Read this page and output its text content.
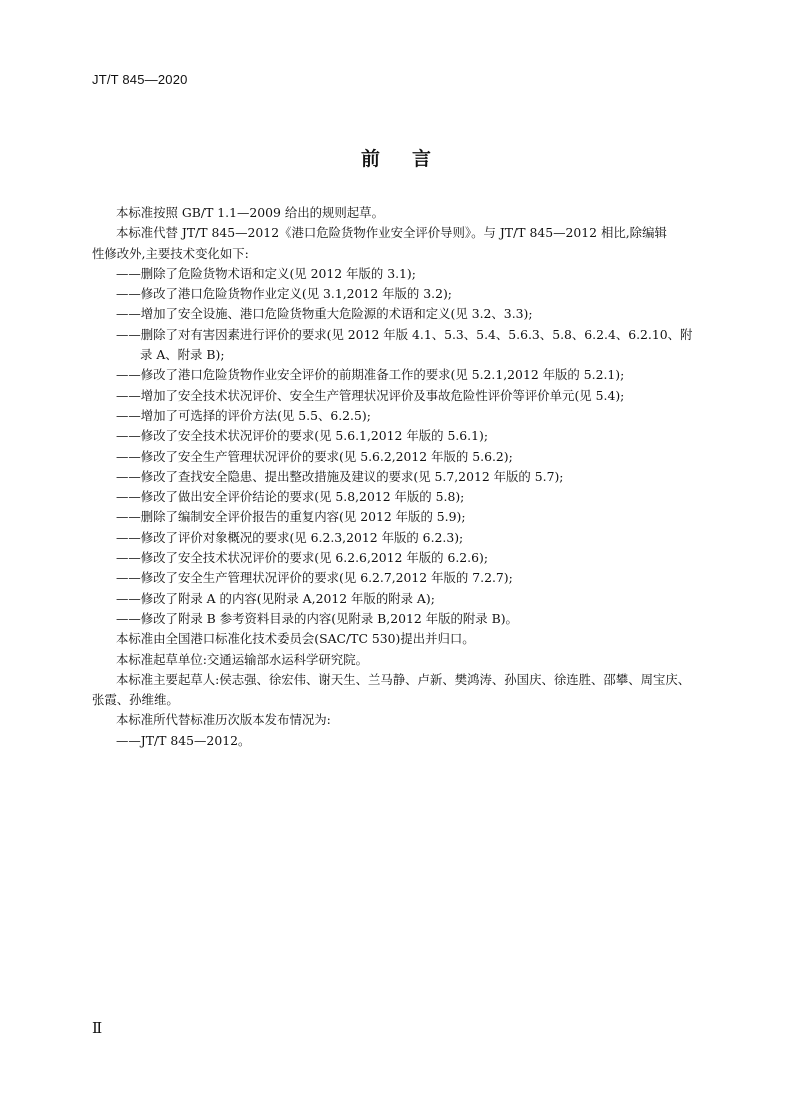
JT/T 845—2020
前言
本标准按照 GB/T 1.1—2009 给出的规则起草。
本标准代替 JT/T 845—2012《港口危险货物作业安全评价导则》。与 JT/T 845—2012 相比,除编辑
性修改外,主要技术变化如下:
——删除了危险货物术语和定义(见 2012 年版的 3.1);
——修改了港口危险货物作业定义(见 3.1,2012 年版的 3.2);
——增加了安全设施、港口危险货物重大危险源的术语和定义(见 3.2、3.3);
——删除了对有害因素进行评价的要求(见 2012 年版 4.1、5.3、5.4、5.6.3、5.8、6.2.4、6.2.10、附
录 A、附录 B);
——修改了港口危险货物作业安全评价的前期准备工作的要求(见 5.2.1,2012 年版的 5.2.1);
——增加了安全技术状况评价、安全生产管理状况评价及事故危险性评价等评价单元(见 5.4);
——增加了可选择的评价方法(见 5.5、6.2.5);
——修改了安全技术状况评价的要求(见 5.6.1,2012 年版的 5.6.1);
——修改了安全生产管理状况评价的要求(见 5.6.2,2012 年版的 5.6.2);
——修改了查找安全隐患、提出整改措施及建议的要求(见 5.7,2012 年版的 5.7);
——修改了做出安全评价结论的要求(见 5.8,2012 年版的 5.8);
——删除了编制安全评价报告的重复内容(见 2012 年版的 5.9);
——修改了评价对象概况的要求(见 6.2.3,2012 年版的 6.2.3);
——修改了安全技术状况评价的要求(见 6.2.6,2012 年版的 6.2.6);
——修改了安全生产管理状况评价的要求(见 6.2.7,2012 年版的 7.2.7);
——修改了附录 A 的内容(见附录 A,2012 年版的附录 A);
——修改了附录 B 参考资料目录的内容(见附录 B,2012 年版的附录 B)。
本标准由全国港口标准化技术委员会(SAC/TC 530)提出并归口。
本标准起草单位:交通运输部水运科学研究院。
本标准主要起草人:侯志强、徐宏伟、谢天生、兰马静、卢新、樊鸿涛、孙国庆、徐连胜、邵攀、周宝庆、
张霞、孙维维。
本标准所代替标准历次版本发布情况为:
——JT/T 845—2012。
Ⅱ
